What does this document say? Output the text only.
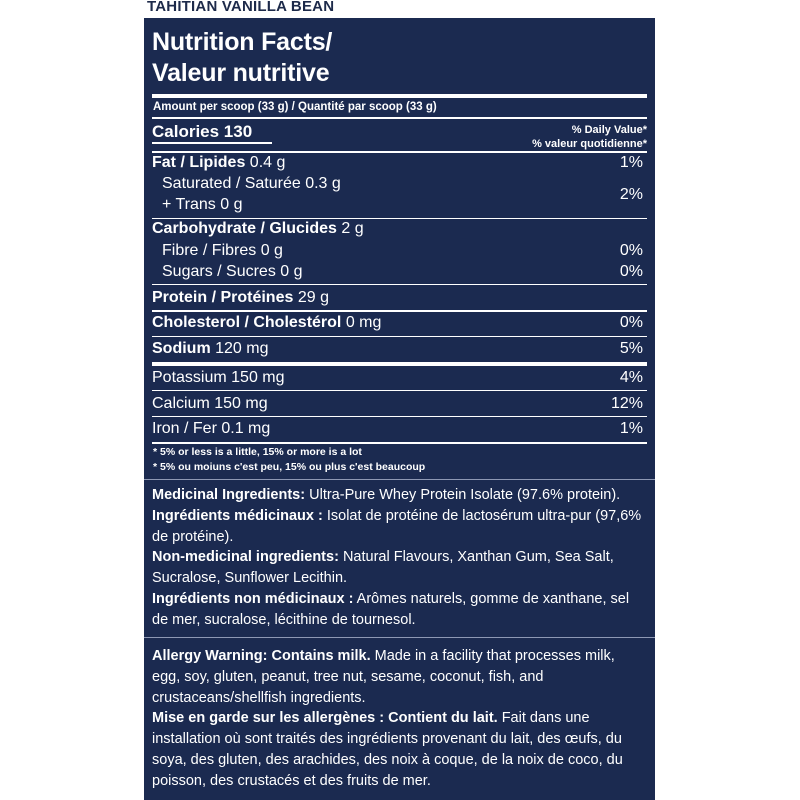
TAHITIAN VANILLA BEAN
Nutrition Facts/
Valeur nutritive
Amount per scoop (33 g) / Quantité par scoop (33 g)
Calories 130	% Daily Value*
% valeur quotidienne*
Fat / Lipides 0.4 g	1%
Saturated / Saturée 0.3 g
+ Trans 0 g
2%
Carbohydrate / Glucides 2 g
Fibre / Fibres 0 g	0%
Sugars / Sucres 0 g	0%
Protein / Protéines 29 g
Cholesterol / Cholestérol 0 mg	0%
Sodium 120 mg	5%
Potassium 150 mg	4%
Calcium 150 mg	12%
Iron / Fer 0.1 mg	1%
* 5% or less is a little, 15% or more is a lot
* 5% ou moiuns c'est peu, 15% ou plus c'est beaucoup

Medicinal Ingredients: Ultra-Pure Whey Protein Isolate (97.6% protein).

Ingrédients médicinaux : Isolat de protéine de lactosérum ultra-pur (97,6% de protéine).

Non-medicinal ingredients: Natural Flavours, Xanthan Gum, Sea Salt, Sucralose, Sunflower Lecithin.

Ingrédients non médicinaux : Arômes naturels, gomme de xanthane, sel de mer, sucralose, lécithine de tournesol.

Allergy Warning: Contains milk. Made in a facility that processes milk, egg, soy, gluten, peanut, tree nut, sesame, coconut, fish, and crustaceans/shellfish ingredients.

Mise en garde sur les allergènes : Contient du lait. Fait dans une installation où sont traités des ingrédients provenant du lait, des œufs, du soya, des gluten, des arachides, des noix à coque, de la noix de coco, du poisson, des crustacés et des fruits de mer.
